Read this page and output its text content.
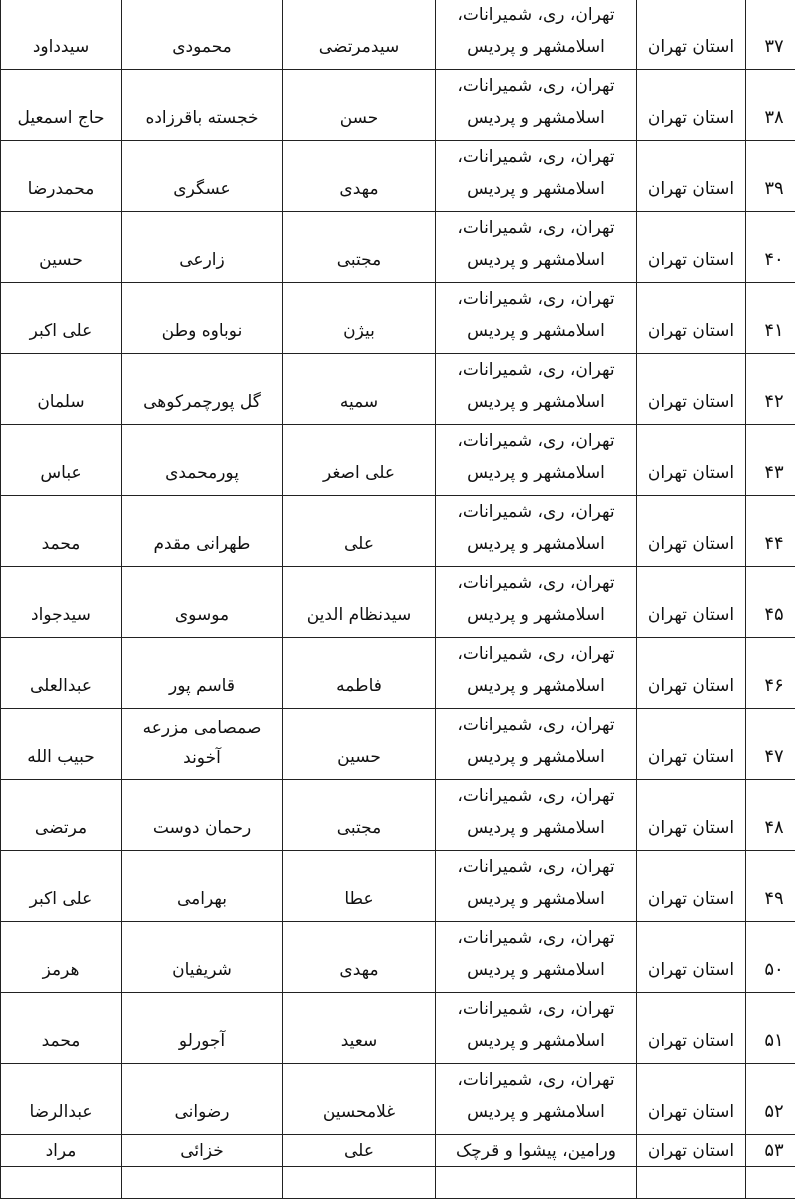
۳۷	استان تهران	تهران، ری، شمیرانات،
اسلامشهر و پردیس	سیدمرتضی	محمودی	سیدداود
۳۸	استان تهران	تهران، ری، شمیرانات،
اسلامشهر و پردیس	حسن	خجسته باقرزاده	حاج اسمعیل
۳۹	استان تهران	تهران، ری، شمیرانات،
اسلامشهر و پردیس	مهدی	عسگری	محمدرضا
۴۰	استان تهران	تهران، ری، شمیرانات،
اسلامشهر و پردیس	مجتبی	زارعی	حسین
۴۱	استان تهران	تهران، ری، شمیرانات،
اسلامشهر و پردیس	بیژن	نوباوه وطن	علی اکبر
۴۲	استان تهران	تهران، ری، شمیرانات،
اسلامشهر و پردیس	سمیه	گل پورچمرکوهی	سلمان
۴۳	استان تهران	تهران، ری، شمیرانات،
اسلامشهر و پردیس	علی اصغر	پورمحمدی	عباس
۴۴	استان تهران	تهران، ری، شمیرانات،
اسلامشهر و پردیس	علی	طهرانی مقدم	محمد
۴۵	استان تهران	تهران، ری، شمیرانات،
اسلامشهر و پردیس	سیدنظام الدین	موسوی	سیدجواد
۴۶	استان تهران	تهران، ری، شمیرانات،
اسلامشهر و پردیس	فاطمه	قاسم پور	عبدالعلی
۴۷	استان تهران	تهران، ری، شمیرانات،
اسلامشهر و پردیس	حسین	صمصامی مزرعه آخوند	حبیب الله
۴۸	استان تهران	تهران، ری، شمیرانات،
اسلامشهر و پردیس	مجتبی	رحمان دوست	مرتضی
۴۹	استان تهران	تهران، ری، شمیرانات،
اسلامشهر و پردیس	عطا	بهرامی	علی اکبر
۵۰	استان تهران	تهران، ری، شمیرانات،
اسلامشهر و پردیس	مهدی	شریفیان	هرمز
۵۱	استان تهران	تهران، ری، شمیرانات،
اسلامشهر و پردیس	سعید	آجورلو	محمد
۵۲	استان تهران	تهران، ری، شمیرانات،
اسلامشهر و پردیس	غلامحسین	رضوانی	عبدالرضا
۵۳	استان تهران	ورامین، پیشوا و قرچک	علی	خزائی	مراد
